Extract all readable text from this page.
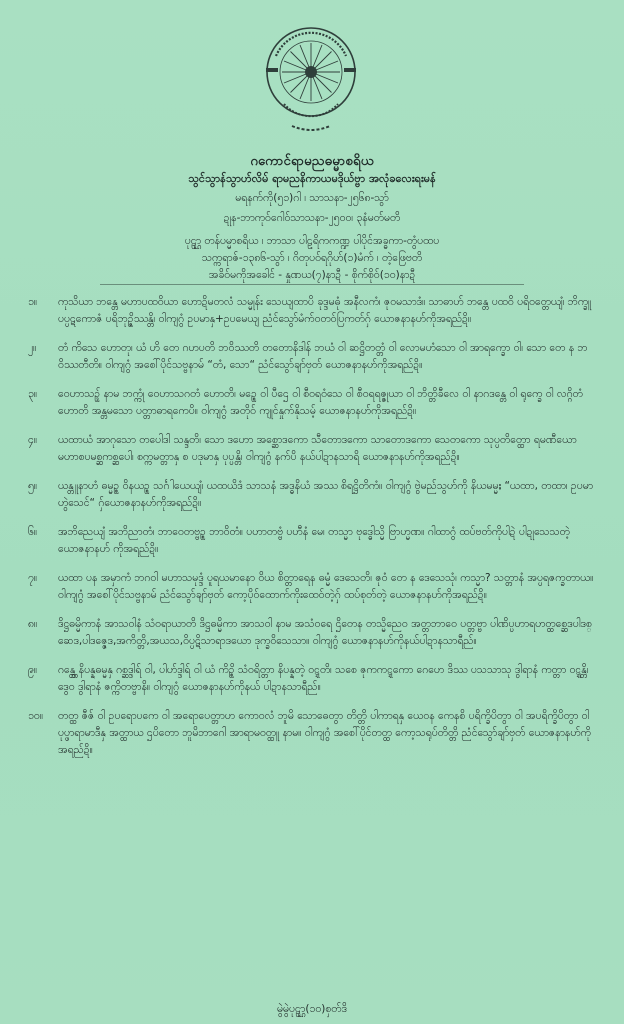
ဂကောင်ရာမညဓမ္မာစရိယ
သွင်သွာန်သွာဟ်လိမ် ရာမညနိကာယမဒိုယ်ဗ္ဗာ အလုံခလေးရးမန်
မရနက်ကို(၅၁)ဂါ ၊ သာသနာ-၂၅၆၈-သွာ်
ဍုန-ဘာကုဝ်ဂေါဝ်သာသနာ-၂၅၀၀၊ ၃နံမတ်မတိ
ပုဠ္ဌာ တန်ပမ္မာစရိယ ၊ ဘာသာ ပါဠရိကကဏ္ဍ ပါပိုင်အခ္ဓကာ-တွံပထပ
သက္ကရာဇ်-၁၃၈၆-သွာ် ၊ ဂိတုပဝ်ရဂိုဟ်(၁)မံက် ၊ တဲ့ဖြေဗတိ
အခိဝ်မကိုအခေါင် - နှုဏယ(၇)နာဍီ - စိုက်စိုဝ်(၁၀)နာဍီ
၁။	ကုသိယာ ဘန္တေ မဟာပထဝိယာ ဟောဍိမတလံ သမ္မုန်း သေယျထာပိ ခုဒ္ဒမဓုံ အနီလကံ၊ ဇုဝမသာဒံ။ သာဓာဟ် ဘန္တေ ပထဝိ ပရိဝတ္တေယျံ၊ ဘိက္ခူ ပပ္ပဋကောဇံ ပရိဘုဥ္ဇိဿန္တိ၊ ဝါကျဂွံ ဥပမာနှ+ဥပမေယျ ညံင်သွော်မံက်ဝတဝ်ပြကတ်ဂှ် ယောဇနာနဟ်ကိုအရည်ဍိ။
၂။	တံ ကိသေ ဟောတု၊ ယံ ဟိ တေ ဂဟပတိ ဘဝိဿတိ တတောနိဒါန် ဘယံ ဝါ ဆဋ္ဌိတတ္တံ ဝါ လောမဟံသော ဝါ အာရက္ခော ဝါ၊ သော တေ န ဘဝိဿတီတိ။ ဝါကျဂွံ အစေါ်ပိုင်သဗ္ဗနာမ် “တံ, သော“ ညံင်သွော်ချာ်ဗှတ် ယောဇနာနဟ်ကိုအရည်ဍိ။
၃။	ဝေဟာသဥ္ဒ် နာမ ဘက္ကုံ ဝေဟာသဂတံ ဟောတိ၊ မဉ္စေ ဝါ ပီဌေ ဝါ စီဝရဝံသေ ဝါ စီဝရရဇ္ဇုယာ ဝါ ဘိတ္တိခီလေ ဝါ နာဂဒန္တေ ဝါ ရုက္ခေ ဝါ လဂ္ဂိတံ ဟောတိ အန္တမသော ပတ္တာဓာရကေပိ။ ဝါကျဂွံ အတိုဝ် ကျုင်နှုက်နိုသမ့် ယောဇနာနဟ်ကိုအရည်ဍိ။
၄။	ယထာယံ အာဂုသော တပေါဒါ သန္ဒတိ၊ သော ဒဟော အစ္ဆောဒကော သီတောဒကော သာတောဒကော သေတကော သုပ္ပတိတ္ထော ရမဏီယော မဟာစပမစ္ဆကစ္ဆပေါ၊ စက္ကမတ္တာနှ စ ပဒုမာနှ ပုပ္ပန္တိ၊ ဝါကျဂွံ နက်ပိ နယ်ပါဍာနသာရိ ယောဇနာနဟ်ကိုအရည်ဍိ။
၅။	ယန္တူနာဟံ ဓမ္မဥ္စ ဝိနယဥ္စ သင်္ဂါယေယျံ၊ ယထယိဒံ သာသနံ အဒ္ဓနိယံ အဿ စိရဋ္ဌိတိကံ။ ဝါကျဂွံ ဗွဲမည်သွဟ်ကို နိယမမ္မႈ “ယထာ, တထာ၊ ဥပမာဟွဲသေင်“ ဂှ်ယောဇနာနဟ်ကိုအရည်ဍိ။
၆။	အဘိညေယျံ အဘိညာတံ၊ ဘာဝေတဗ္ဗဉ္စ ဘာဝိတံ။ ပဟာတဗ္ဗံ ပဟီနံ မေ၊ တသ္မာ ဗုဒ္ဓေါသ္မိ ဗြာဟ္မဏ။ ဂါထာဂွံ ထပ်ဗတ်ကိုပါဍဲ ပါဍုသေသတဲ့ ယောဇနာနဟ် ကိုအရည်ဍိ။
၇။	ယထာ ပန အမှာကံ ဘဂဝါ မဟာသမုဒ္ဒံ ပူရယမာနော ဝိယ စိတ္တာရေန ဓမ္မံ ဒေသေတိ၊ ဇုဝံ တေ န ဒေသေသုံ၊ ကသ္မာ? သတ္တာနံ အပ္ပရဇက္ခတာယ။ ဝါကျဂွံ အစေါ်ပိုင်သဗ္ဗနာမ် ညံင်သွော်ချာ်ဗှတ် ကော့ပိုဝ်ထောက်ကိုးထေဝ်တဲ့ဂှ် ထပ်စုတ်တဲ့ ယောဇနာနဟ်ကိုအရည်ဍိ။
၈။	ဒိဋ္ဌဓမ္မိကာနံ အာသဝါနံ သံဝရာယာတိ ဒိဋ္ဌဓမ္မိကာ အာသဝါ နာမ အသံဝရေ ဌိတေန တသ္မိညေဝ အတ္တဘာဝေ ပတ္တဗ္ဗာ ပါဏိပ္ပဟာရဟတ္ထစ္ဆေဒပါဒစ္ဆေဒ,ပါဒဇ္ဇေဒ,အကိတ္တိ,အယသ,ဝိပ္ပဋိသာရာဒယော ဒုက္ခဝိသေသာ။ ဝါကျဂွံ ယောဇနာနဟ်ကိုနယ်ပါဍာနသာရီည်။
၉။	ဂန္တ္ဘေ နိပန္နဓမ္မနှ ဂစ္ဆဒ္ဒါရ် ဝါ, ပါဟ်ဒ္ဒါရ် ဝါ ယံ ကိဉ္စိ သံဝရိတ္တာ နိပန္နတဲ့ ဝဋ္ဋတိ၊ သစေ ဇုကကဋ္ဋကော ဂေဟေ ဒိဿ ပသသာသု ဒွါရာနံ ကတ္တာ ဝဋ္ဋန္တိ၊ ဒွေဝ ဒွါရာနံ ဇက္ကိတဗ္ဗာနိ။ ဝါကျဂွံ ယောဇနာနဟ်ကိုနယ် ပါဍာနသာရီည်။
၁၀။	တတ္ထ ဇီဇ် ဝါ ဥပရောပကေ ဝါ အရောပေတ္တာဟ ကောဝလံ ဘူမိ သောဓေတွာ တိတ္တိ ပါကာရနှ ယေဝန ကေနစိ ပရိက္ခိပိတွာ ဝါ အပရိက္ခိပိတွာ ဝါ ပုပ္ဖာရာမာဒီနှ အတ္ထာယ ဌပိတော ဘူမိဘာဂေါ အာရာမဝတ္ထူ နာမ။ ဝါကျဂွံ အစေါ်ပိုင်တတ္ထ ကော့သရုပ်တိတ္တိ ညံင်သွော်ချာ်ဗှတ် ယောဇနာနဟ်ကို အရည်ဍိ။
မွဲမွဲပုဠ္ဌာ(၁၀)စှတ်ဒိ
